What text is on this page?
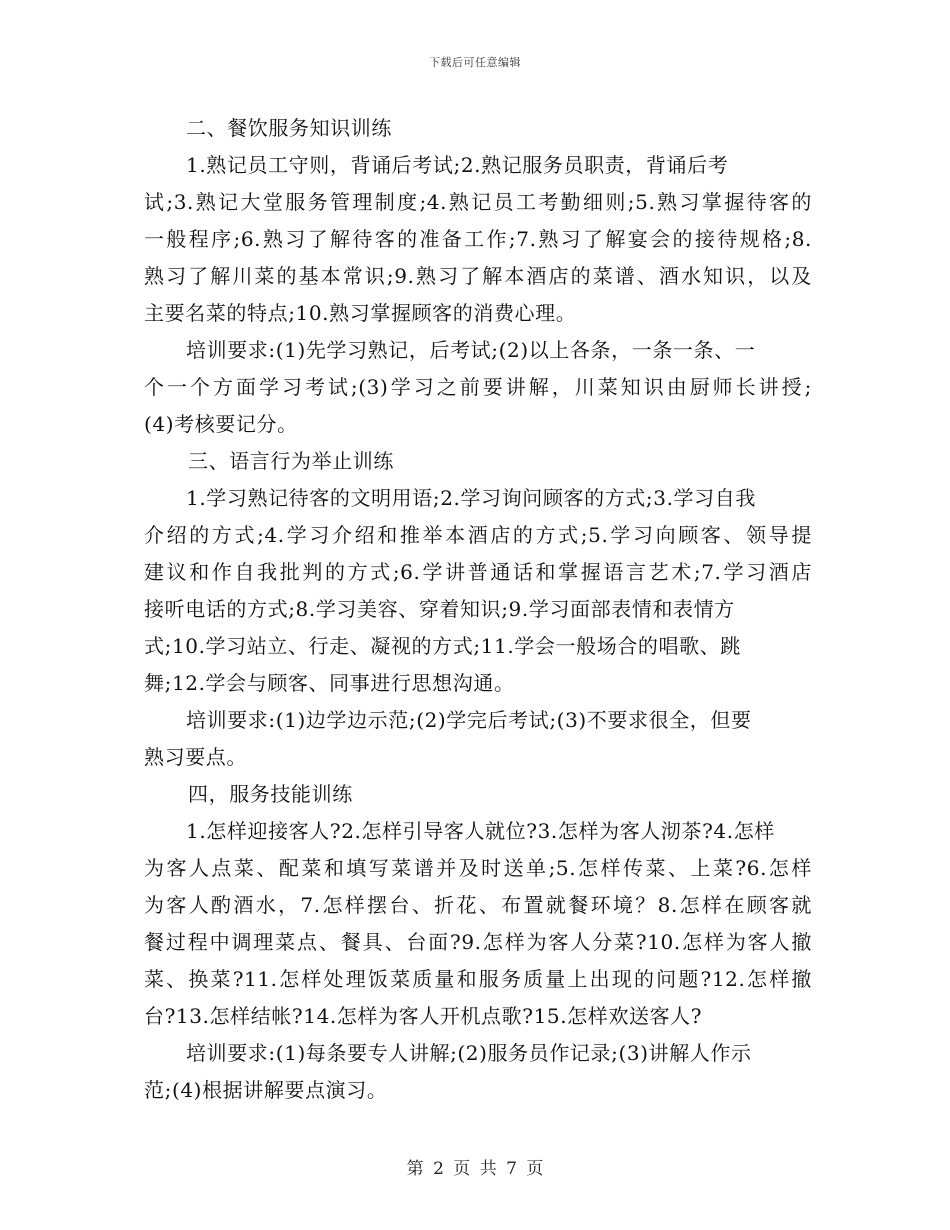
下载后可任意编辑
二、餐饮服务知识训练
1.熟记员工守则，背诵后考试;2.熟记服务员职责，背诵后考
试;3.熟记大堂服务管理制度;4.熟记员工考勤细则;5.熟习掌握待客的
一般程序;6.熟习了解待客的准备工作;7.熟习了解宴会的接待规格;8.
熟习了解川菜的基本常识;9.熟习了解本酒店的菜谱、酒水知识，以及
主要名菜的特点;10.熟习掌握顾客的消费心理。
培训要求:(1)先学习熟记，后考试;(2)以上各条，一条一条、一
个一个方面学习考试;(3)学习之前要讲解，川菜知识由厨师长讲授;
(4)考核要记分。
三、语言行为举止训练
1.学习熟记待客的文明用语;2.学习询问顾客的方式;3.学习自我
介绍的方式;4.学习介绍和推举本酒店的方式;5.学习向顾客、领导提
建议和作自我批判的方式;6.学讲普通话和掌握语言艺术;7.学习酒店
接听电话的方式;8.学习美容、穿着知识;9.学习面部表情和表情方
式;10.学习站立、行走、凝视的方式;11.学会一般场合的唱歌、跳
舞;12.学会与顾客、同事进行思想沟通。
培训要求:(1)边学边示范;(2)学完后考试;(3)不要求很全，但要
熟习要点。
四，服务技能训练
1.怎样迎接客人?2.怎样引导客人就位?3.怎样为客人沏茶?4.怎样
为客人点菜、配菜和填写菜谱并及时送单;5.怎样传菜、上菜?6.怎样
为客人酌酒水，7.怎样摆台、折花、布置就餐环境？8.怎样在顾客就
餐过程中调理菜点、餐具、台面?9.怎样为客人分菜?10.怎样为客人撤
菜、换菜?11.怎样处理饭菜质量和服务质量上出现的问题?12.怎样撤
台?13.怎样结帐?14.怎样为客人开机点歌?15.怎样欢送客人?
培训要求:(1)每条要专人讲解;(2)服务员作记录;(3)讲解人作示
范;(4)根据讲解要点演习。
第 2 页 共 7 页
